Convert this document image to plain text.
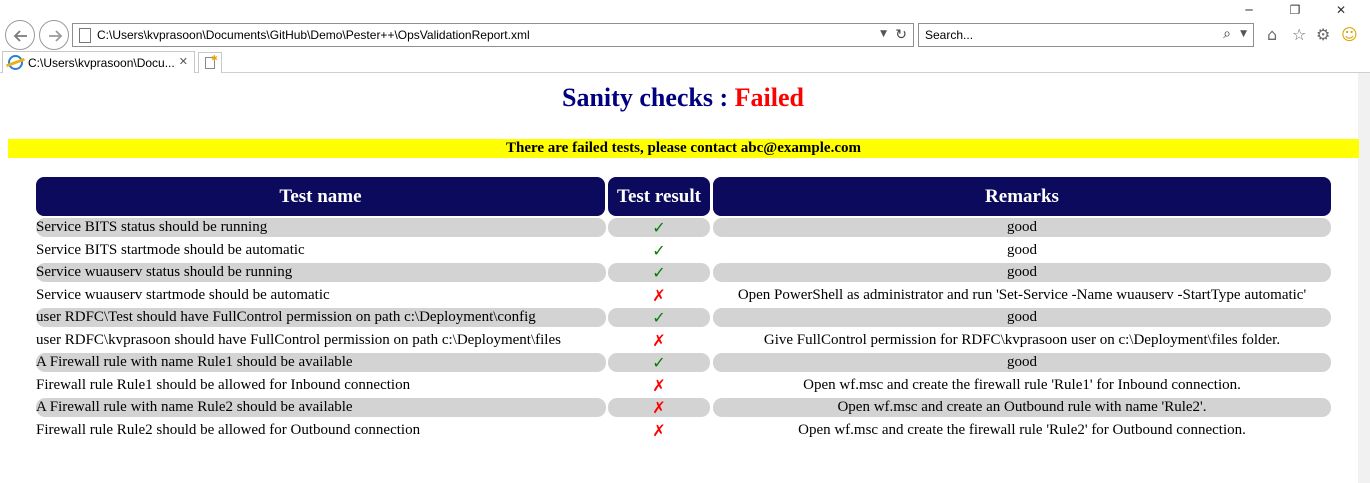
─	❐	✕
C:\Users\kvprasoon\Documents\GitHub\Demo\Pester++\OpsValidationReport.xml	▼ ↻ Search...	⌕ ▼ ⌂ ☆ ⚙ ☺
C:\Users\kvprasoon\Docu... ✕	✱
Sanity checks : Failed
There are failed tests, please contact abc@example.com
Test name	Test result	Remarks
Service BITS status should be running	✓	good
Service BITS startmode should be automatic	✓	good
Service wuauserv status should be running	✓	good
Service wuauserv startmode should be automatic	✗	Open PowerShell as administrator and run 'Set-Service -Name wuauserv -StartType automatic'
user RDFC\Test should have FullControl permission on path c:\Deployment\config	✓	good
user RDFC\kvprasoon should have FullControl permission on path c:\Deployment\files	✗	Give FullControl permission for RDFC\kvprasoon user on c:\Deployment\files folder.
A Firewall rule with name Rule1 should be available	✓	good
Firewall rule Rule1 should be allowed for Inbound connection	✗	Open wf.msc and create the firewall rule 'Rule1' for Inbound connection.
A Firewall rule with name Rule2 should be available	✗	Open wf.msc and create an Outbound rule with name 'Rule2'.
Firewall rule Rule2 should be allowed for Outbound connection	✗	Open wf.msc and create the firewall rule 'Rule2' for Outbound connection.
